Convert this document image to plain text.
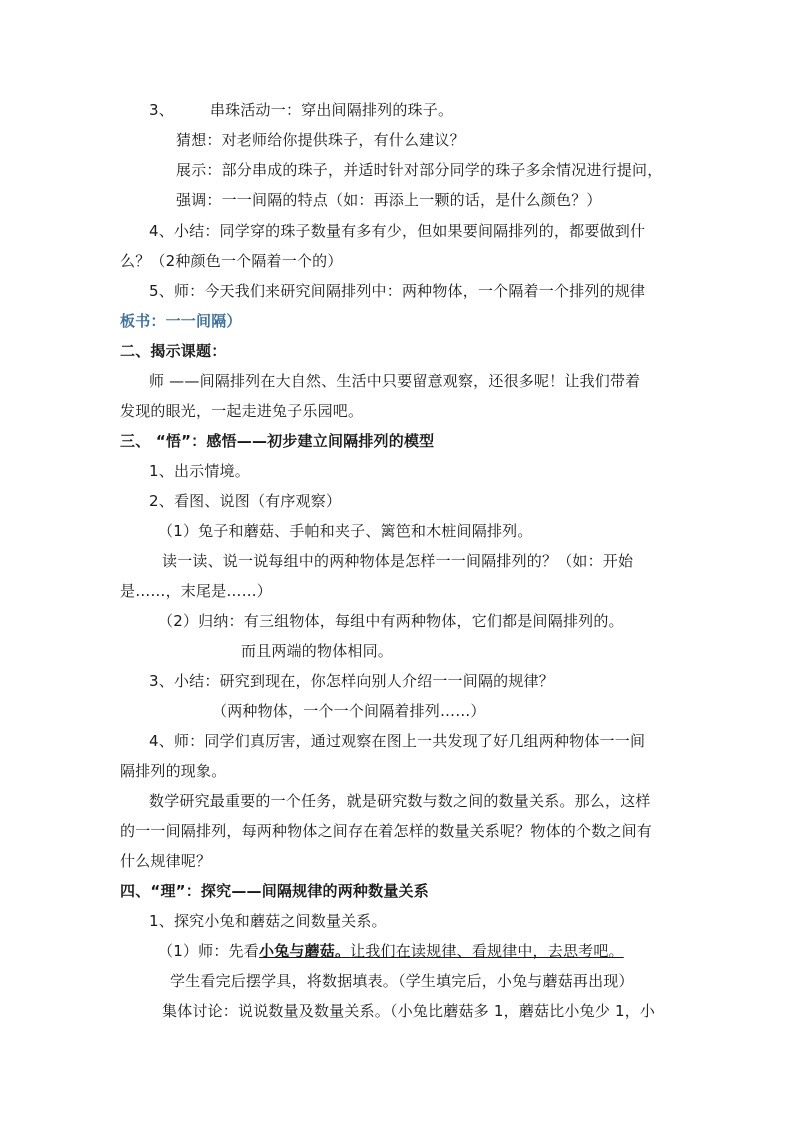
3、 串珠活动一：穿出间隔排列的珠子。
猜想：对老师给你提供珠子，有什么建议？
展示：部分串成的珠子，并适时针对部分同学的珠子多余情况进行提问，
强调：一一间隔的特点（如：再添上一颗的话，是什么颜色？）
4、小结：同学穿的珠子数量有多有少，但如果要间隔排列的，都要做到什
么？（2种颜色一个隔着一个的）
5、师：今天我们来研究间隔排列中：两种物体，一个隔着一个排列的规律
板书：一一间隔）
二、揭示课题：
师 ——间隔排列在大自然、生活中只要留意观察，还很多呢！让我们带着
发现的眼光，一起走进兔子乐园吧。
三、 “悟”：感悟——初步建立间隔排列的模型
1、出示情境。
2、看图、说图（有序观察）
（1）兔子和蘑菇、手帕和夹子、篱笆和木桩间隔排列。
读一读、说一说每组中的两种物体是怎样一一间隔排列的？（如：开始
是……，末尾是……）
（2）归纳：有三组物体，每组中有两种物体，它们都是间隔排列的。
而且两端的物体相同。
3、小结：研究到现在，你怎样向别人介绍一一间隔的规律？
（两种物体，一个一个间隔着排列……）
4、师：同学们真厉害，通过观察在图上一共发现了好几组两种物体一一间
隔排列的现象。
数学研究最重要的一个任务，就是研究数与数之间的数量关系。那么，这样
的一一间隔排列，每两种物体之间存在着怎样的数量关系呢？物体的个数之间有
什么规律呢？
四、“理”：探究——间隔规律的两种数量关系
1、探究小兔和蘑菇之间数量关系。
（1）师：先看小兔与蘑菇。让我们在读规律、看规律中，去思考吧。
学生看完后摆学具，将数据填表。（学生填完后，小兔与蘑菇再出现）
集体讨论：说说数量及数量关系。（小兔比蘑菇多 1，蘑菇比小兔少 1，小
